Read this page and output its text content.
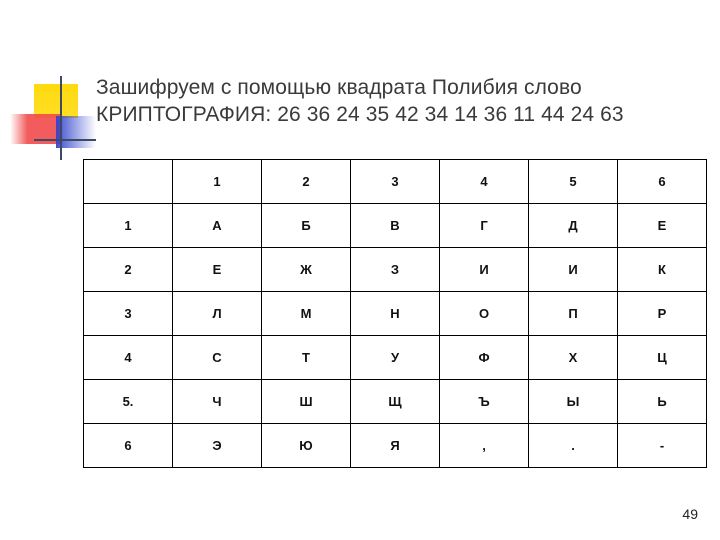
Зашифруем с помощью квадрата Полибия слово
КРИПТОГРАФИЯ: 26 36 24 35 42 34 14 36 11 44 24 63
	1	2	3	4	5	6
1	А	Б	В	Г	Д	Е
2	Е	Ж	З	И	И	К
3	Л	М	Н	О	П	Р
4	С	Т	У	Ф	Х	Ц
5.	Ч	Ш	Щ	Ъ	Ы	Ь
6	Э	Ю	Я	,	.	-
49
